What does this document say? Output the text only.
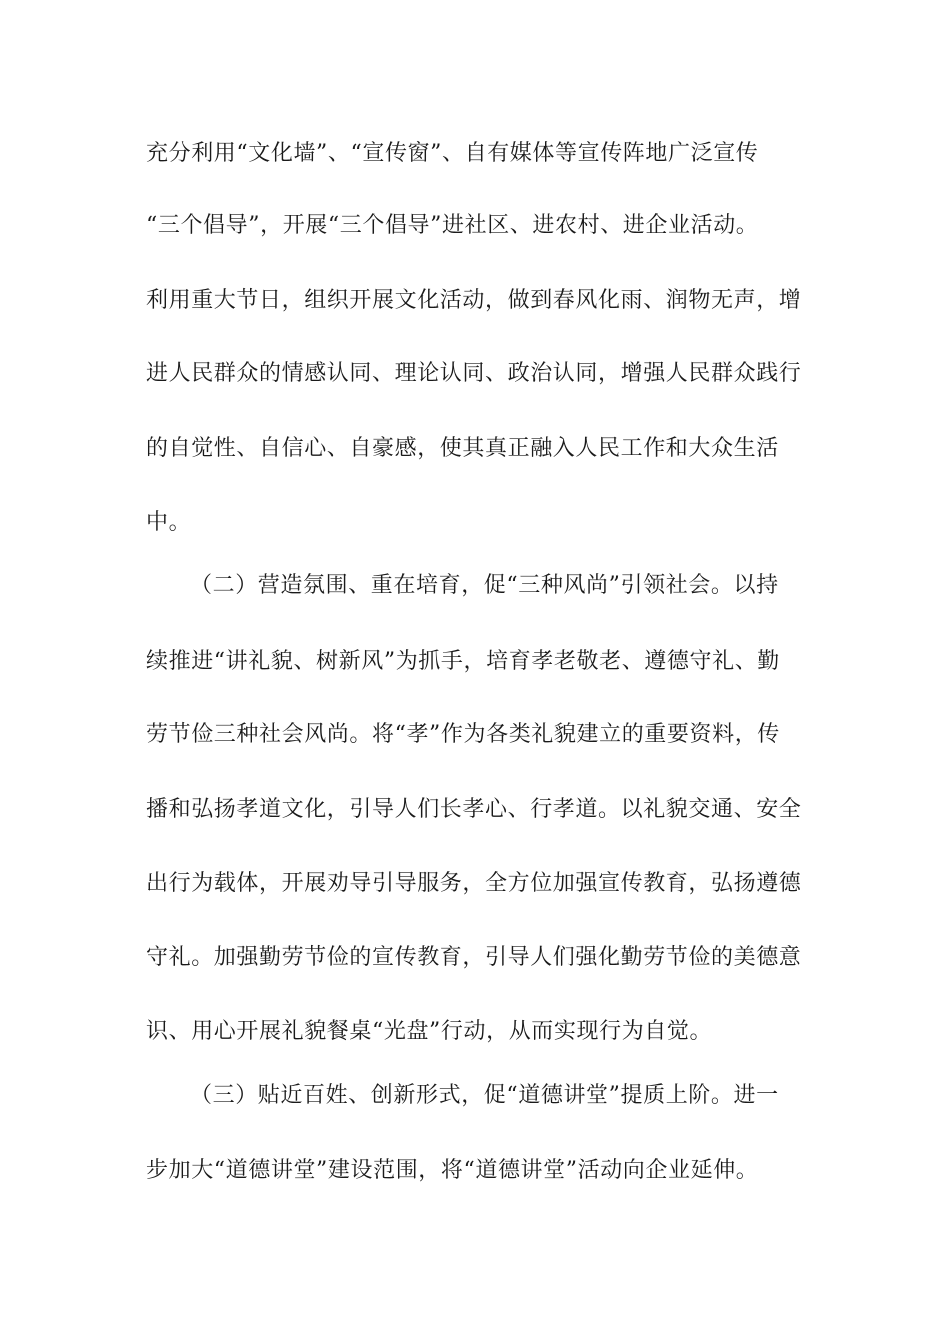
充分利用“文化墙”、“宣传窗”、自有媒体等宣传阵地广泛宣传
“三个倡导”，开展“三个倡导”进社区、进农村、进企业活动。
利用重大节日，组织开展文化活动，做到春风化雨、润物无声，增
进人民群众的情感认同、理论认同、政治认同，增强人民群众践行
的自觉性、自信心、自豪感，使其真正融入人民工作和大众生活
中。
（二）营造氛围、重在培育，促“三种风尚”引领社会。以持
续推进“讲礼貌、树新风”为抓手，培育孝老敬老、遵德守礼、勤
劳节俭三种社会风尚。将“孝”作为各类礼貌建立的重要资料，传
播和弘扬孝道文化，引导人们长孝心、行孝道。以礼貌交通、安全
出行为载体，开展劝导引导服务，全方位加强宣传教育，弘扬遵德
守礼。加强勤劳节俭的宣传教育，引导人们强化勤劳节俭的美德意
识、用心开展礼貌餐桌“光盘”行动，从而实现行为自觉。
（三）贴近百姓、创新形式，促“道德讲堂”提质上阶。进一
步加大“道德讲堂”建设范围，将“道德讲堂”活动向企业延伸。
